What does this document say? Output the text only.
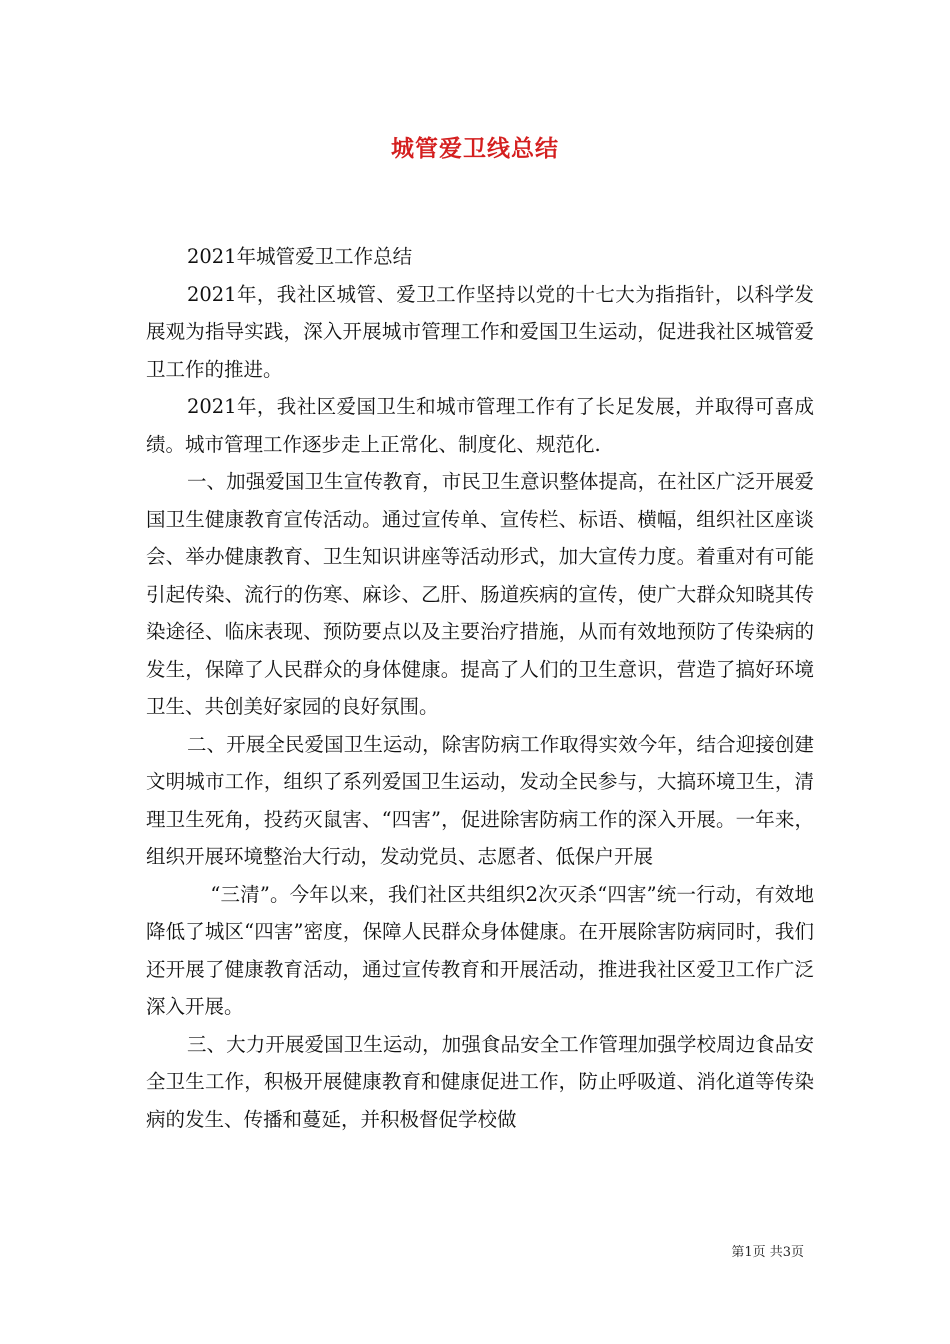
城管爱卫线总结

2021年城管爱卫工作总结

2021年，我社区城管、爱卫工作坚持以党的十七大为指指针，以科学发展观为指导实践，深入开展城市管理工作和爱国卫生运动，促进我社区城管爱卫工作的推进。

2021年，我社区爱国卫生和城市管理工作有了长足发展，并取得可喜成绩。城市管理工作逐步走上正常化、制度化、规范化.

一、加强爱国卫生宣传教育，市民卫生意识整体提高，在社区广泛开展爱国卫生健康教育宣传活动。通过宣传单、宣传栏、标语、横幅，组织社区座谈会、举办健康教育、卫生知识讲座等活动形式，加大宣传力度。着重对有可能引起传染、流行的伤寒、麻诊、乙肝、肠道疾病的宣传，使广大群众知晓其传染途径、临床表现、预防要点以及主要治疗措施，从而有效地预防了传染病的发生，保障了人民群众的身体健康。提高了人们的卫生意识，营造了搞好环境卫生、共创美好家园的良好氛围。

二、开展全民爱国卫生运动，除害防病工作取得实效今年，结合迎接创建文明城市工作，组织了系列爱国卫生运动，发动全民参与，大搞环境卫生，清理卫生死角，投药灭鼠害、“四害”，促进除害防病工作的深入开展。一年来，组织开展环境整治大行动，发动党员、志愿者、低保户开展

“三清”。今年以来，我们社区共组织2次灭杀“四害”统一行动，有效地降低了城区“四害”密度，保障人民群众身体健康。在开展除害防病同时，我们还开展了健康教育活动，通过宣传教育和开展活动，推进我社区爱卫工作广泛深入开展。

三、大力开展爱国卫生运动，加强食品安全工作管理加强学校周边食品安全卫生工作，积极开展健康教育和健康促进工作，防止呼吸道、消化道等传染病的发生、传播和蔓延，并积极督促学校做

第1页 共3页
